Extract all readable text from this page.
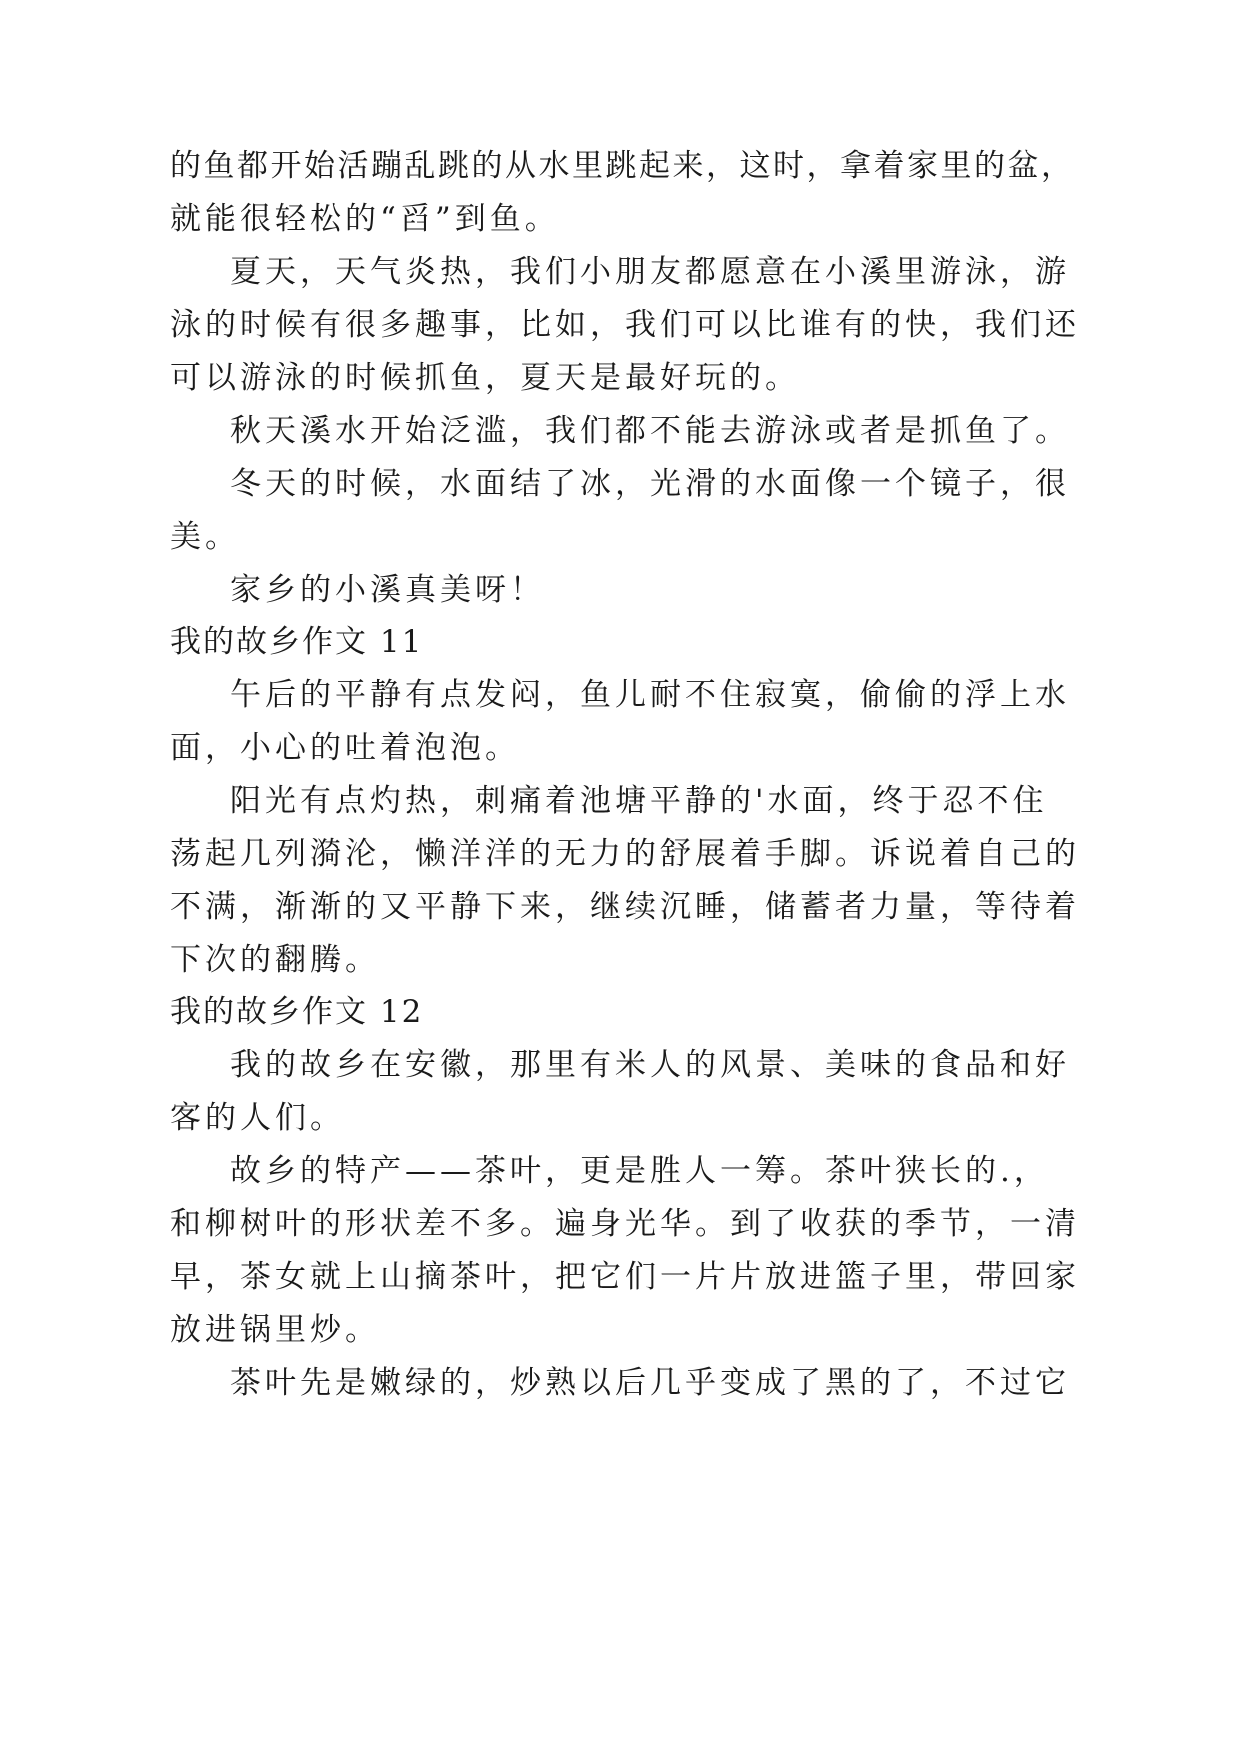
的鱼都开始活蹦乱跳的从水里跳起来，这时，拿着家里的盆，
就能很轻松的“舀”到鱼。
夏天，天气炎热，我们小朋友都愿意在小溪里游泳，游
泳的时候有很多趣事，比如，我们可以比谁有的快，我们还
可以游泳的时候抓鱼，夏天是最好玩的。
秋天溪水开始泛滥，我们都不能去游泳或者是抓鱼了。
冬天的时候，水面结了冰，光滑的水面像一个镜子，很
美。
家乡的小溪真美呀！
我的故乡作文 11
午后的平静有点发闷，鱼儿耐不住寂寞，偷偷的浮上水
面，小心的吐着泡泡。
阳光有点灼热，刺痛着池塘平静的'水面，终于忍不住
荡起几列漪沦，懒洋洋的无力的舒展着手脚。诉说着自己的
不满，渐渐的又平静下来，继续沉睡，储蓄者力量，等待着
下次的翻腾。
我的故乡作文 12
我的故乡在安徽，那里有米人的风景、美味的食品和好
客的人们。
故乡的特产——茶叶，更是胜人一筹。茶叶狭长的.，
和柳树叶的形状差不多。遍身光华。到了收获的季节，一清
早，茶女就上山摘茶叶，把它们一片片放进篮子里，带回家
放进锅里炒。
茶叶先是嫩绿的，炒熟以后几乎变成了黑的了，不过它
